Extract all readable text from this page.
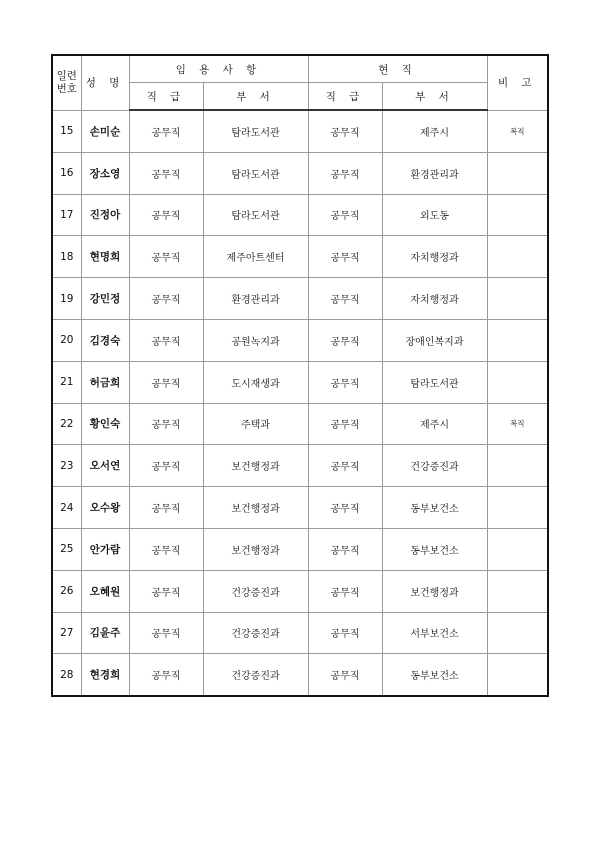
일련
번호	성 명	임 용 사 항		현 직		비 고
		직 급	부 서	직 급	부 서	
15	손미순	공무직	탐라도서관	공무직	제주시	복직
16	장소영	공무직	탐라도서관	공무직	환경관리과	
17	진정아	공무직	탐라도서관	공무직	외도동	
18	현명희	공무직	제주아트센터	공무직	자치행정과	
19	강민정	공무직	환경관리과	공무직	자치행정과	
20	김경숙	공무직	공원녹지과	공무직	장애인복지과	
21	허금희	공무직	도시재생과	공무직	탐라도서관	
22	황인숙	공무직	주택과	공무직	제주시	복직
23	오서연	공무직	보건행정과	공무직	건강증진과	
24	오수왕	공무직	보건행정과	공무직	동부보건소	
25	안가람	공무직	보건행정과	공무직	동부보건소	
26	오혜원	공무직	건강증진과	공무직	보건행정과	
27	김윤주	공무직	건강증진과	공무직	서부보건소	
28	현경희	공무직	건강증진과	공무직	동부보건소	
